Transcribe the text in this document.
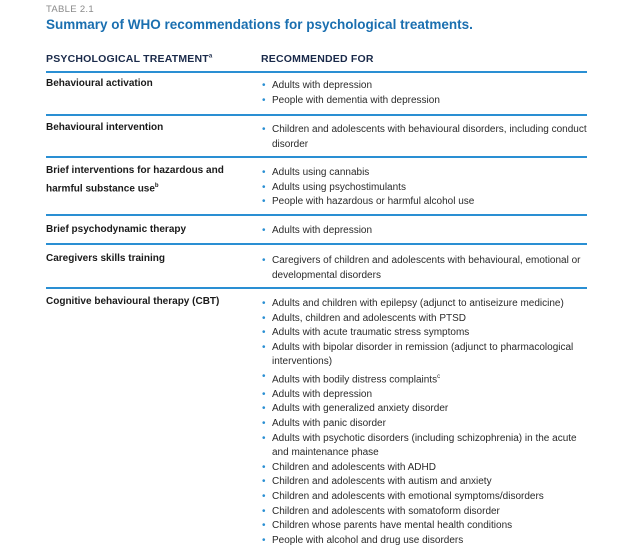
TABLE 2.1
Summary of WHO recommendations for psychological treatments.
PSYCHOLOGICAL TREATMENT$^a$	RECOMMENDED FOR
Behavioural activation	• Adults with depression
• People with dementia with depression
Behavioural intervention	• Children and adolescents with behavioural disorders, including conduct disorder
Brief interventions for hazardous and harmful substance use$^b$
• Adults using cannabis
• Adults using psychostimulants
• People with hazardous or harmful alcohol use
Brief psychodynamic therapy	• Adults with depression
Caregivers skills training	• Caregivers of children and adolescents with behavioural, emotional or developmental disorders
Cognitive behavioural therapy (CBT)	• Adults and children with epilepsy (adjunct to antiseizure medicine)
• Adults, children and adolescents with PTSD
• Adults with acute traumatic stress symptoms
• Adults with bipolar disorder in remission (adjunct to pharmacological interventions)
• Adults with bodily distress complaints$^c$
• Adults with depression
• Adults with generalized anxiety disorder
• Adults with panic disorder
• Adults with psychotic disorders (including schizophrenia) in the acute and maintenance phase
• Children and adolescents with ADHD
• Children and adolescents with autism and anxiety
• Children and adolescents with emotional symptoms/disorders
• Children and adolescents with somatoform disorder
• Children whose parents have mental health conditions
• People with alcohol and drug use disorders
